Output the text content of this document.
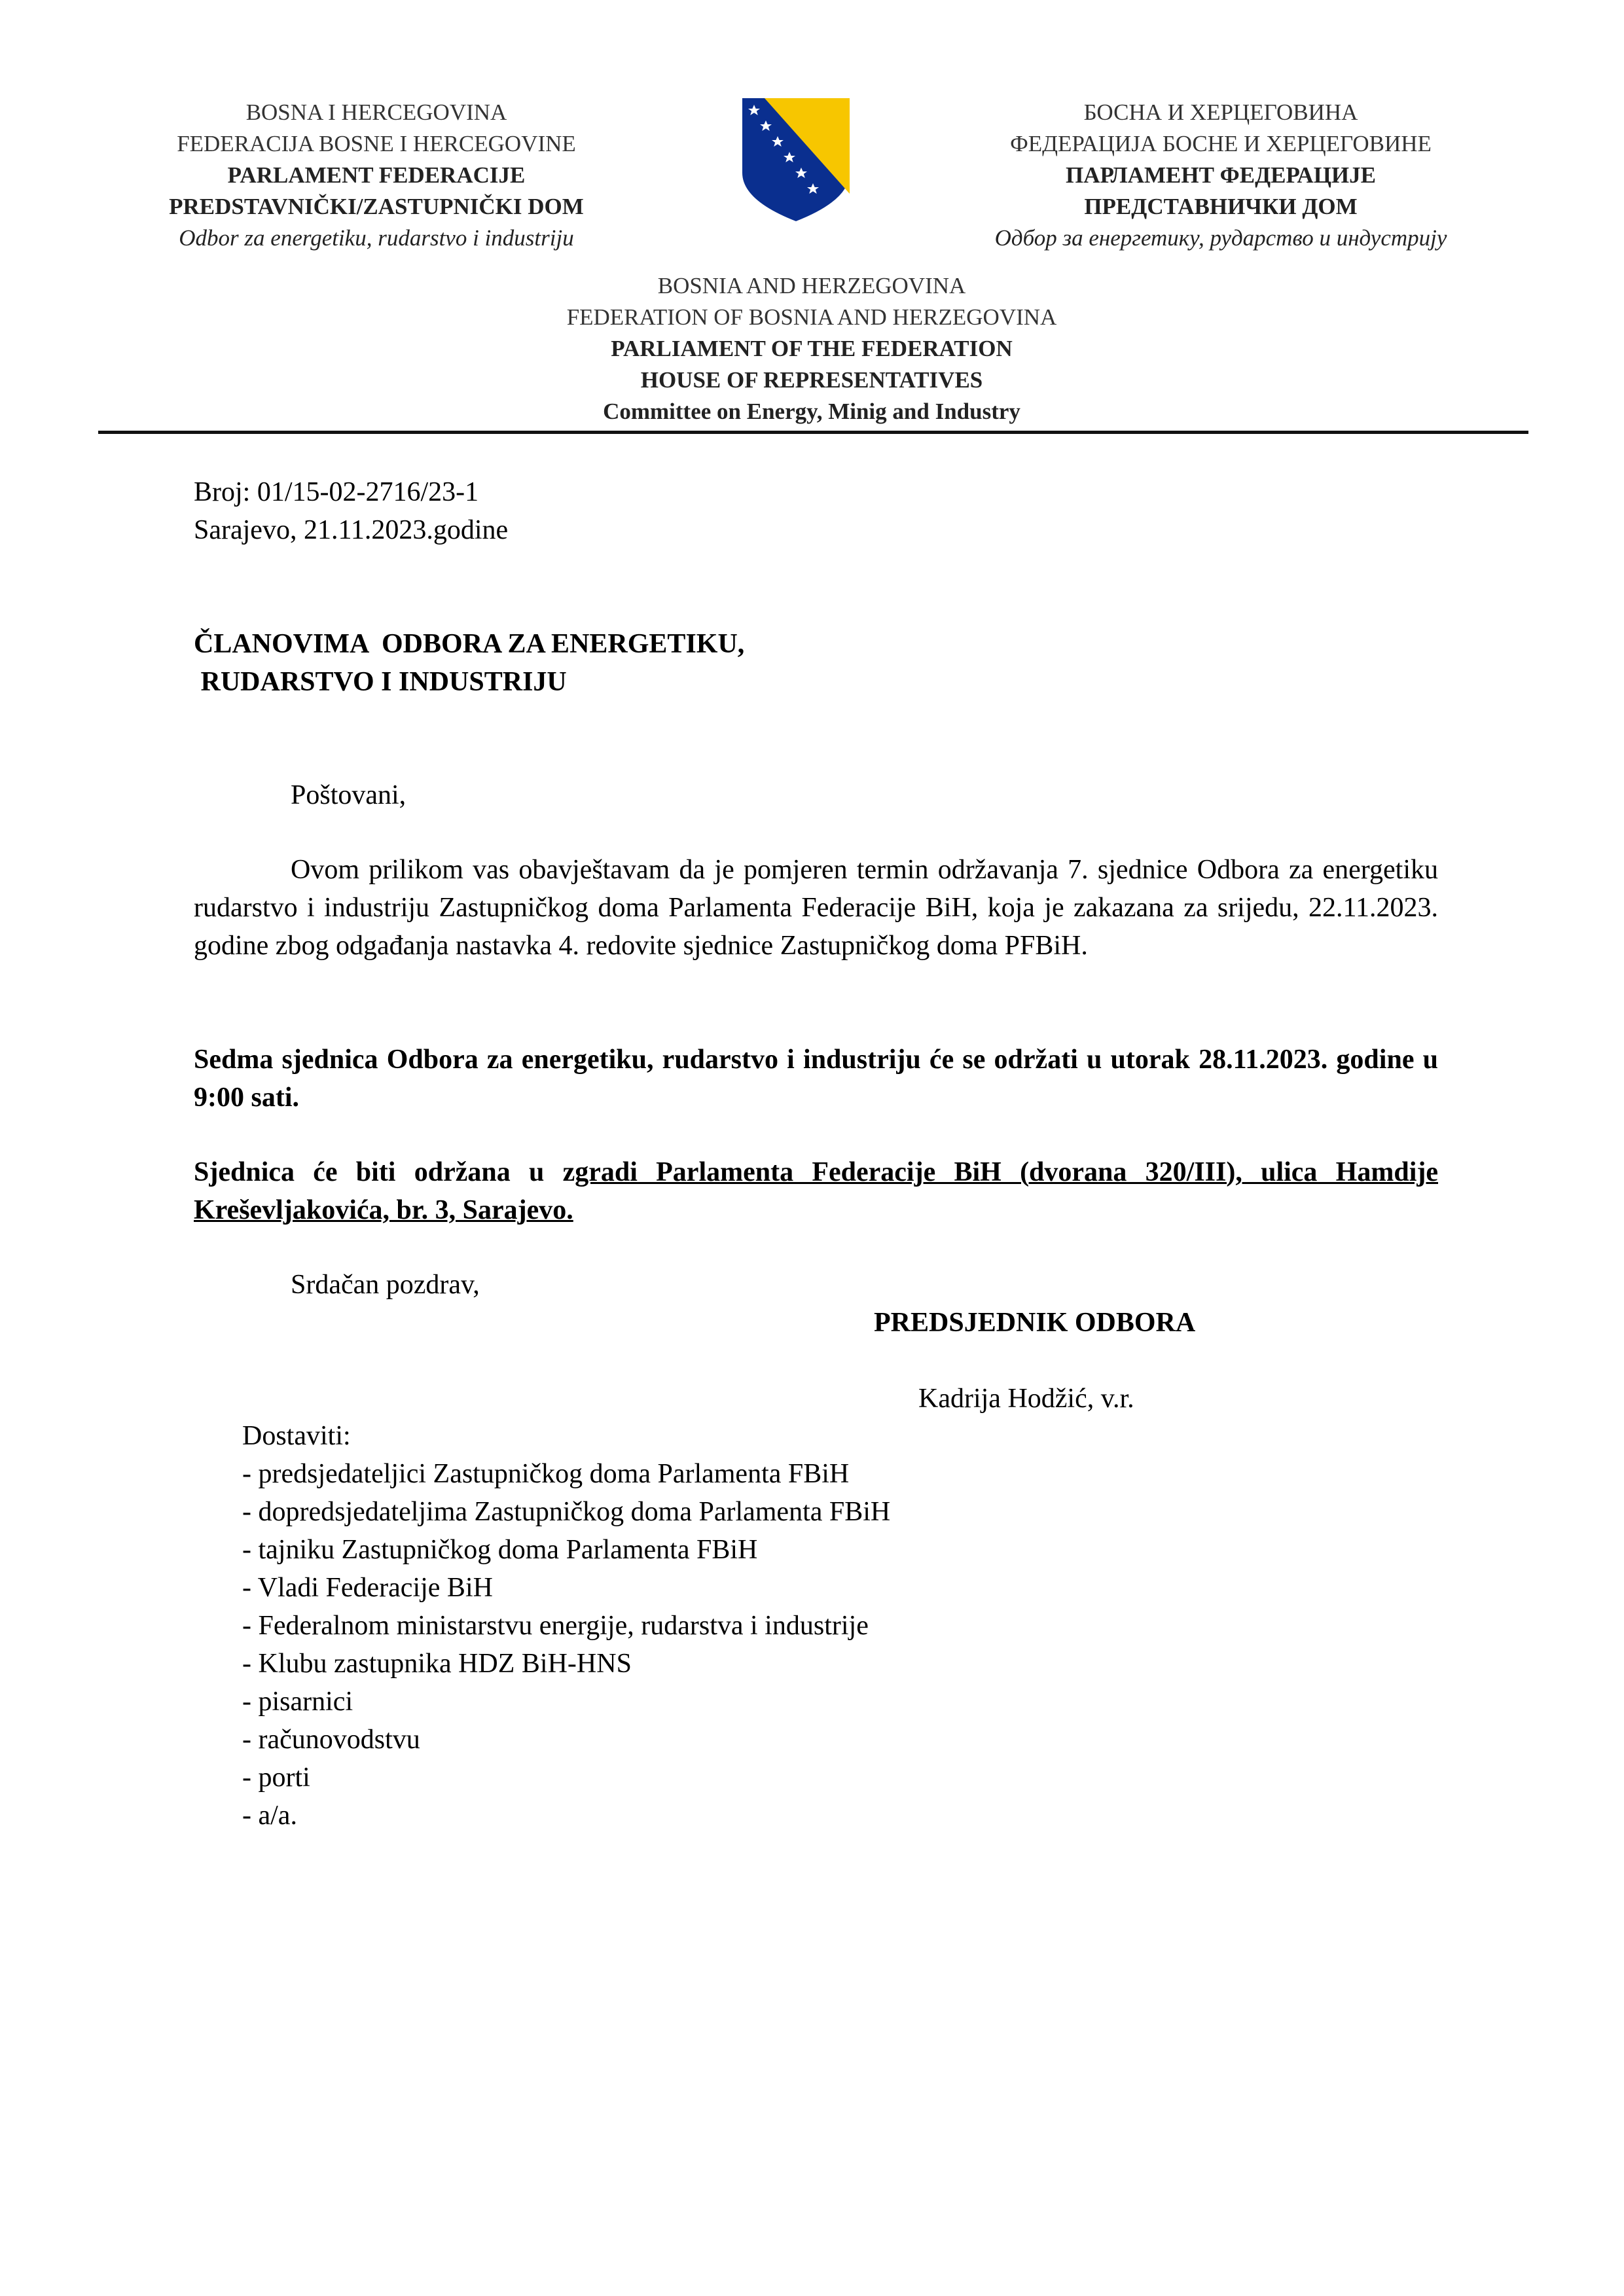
BOSNA I HERCEGOVINA
FEDERACIJA BOSNE I HERCEGOVINE
PARLAMENT FEDERACIJE
PREDSTAVNIČKI/ZASTUPNIČKI DOM
Odbor za energetiku, rudarstvo i industriju
БОСНА И ХЕРЦЕГОВИНА
ФЕДЕРАЦИЈА БОСНЕ И ХЕРЦЕГОВИНЕ
ПАРЛАМЕНТ ФЕДЕРАЦИЈЕ
ПРЕДСТАВНИЧКИ ДОМ
Одбор за енергетику, рударство и индустрију
BOSNIA AND HERZEGOVINA
FEDERATION OF BOSNIA AND HERZEGOVINA
PARLIAMENT OF THE FEDERATION
HOUSE OF REPRESENTATIVES
Committee on Energy, Minig and Industry
Broj: 01/15-02-2716/23-1
Sarajevo, 21.11.2023.godine
ČLANOVIMA  ODBORA ZA ENERGETIKU,
RUDARSTVO I INDUSTRIJU
Poštovani,
Ovom prilikom vas obavještavam da je pomjeren termin održavanja 7. sjednice Odbora za energetiku rudarstvo i industriju Zastupničkog doma Parlamenta Federacije BiH, koja je zakazana za srijedu, 22.11.2023. godine zbog odgađanja nastavka 4. redovite sjednice Zastupničkog doma PFBiH.
Sedma sjednica Odbora za energetiku, rudarstvo i industriju će se održati u utorak 28.11.2023. godine u 9:00 sati.
Sjednica će biti održana u zgradi Parlamenta Federacije BiH (dvorana 320/III), ulica Hamdije Kreševljakovića, br. 3, Sarajevo.
Srdačan pozdrav,
PREDSJEDNIK ODBORA
Kadrija Hodžić, v.r.
Dostaviti:
- predsjedateljici Zastupničkog doma Parlamenta FBiH
- dopredsjedateljima Zastupničkog doma Parlamenta FBiH
- tajniku Zastupničkog doma Parlamenta FBiH
- Vladi Federacije BiH
- Federalnom ministarstvu energije, rudarstva i industrije
- Klubu zastupnika HDZ BiH-HNS
- pisarnici
- računovodstvu
- porti
- a/a.
